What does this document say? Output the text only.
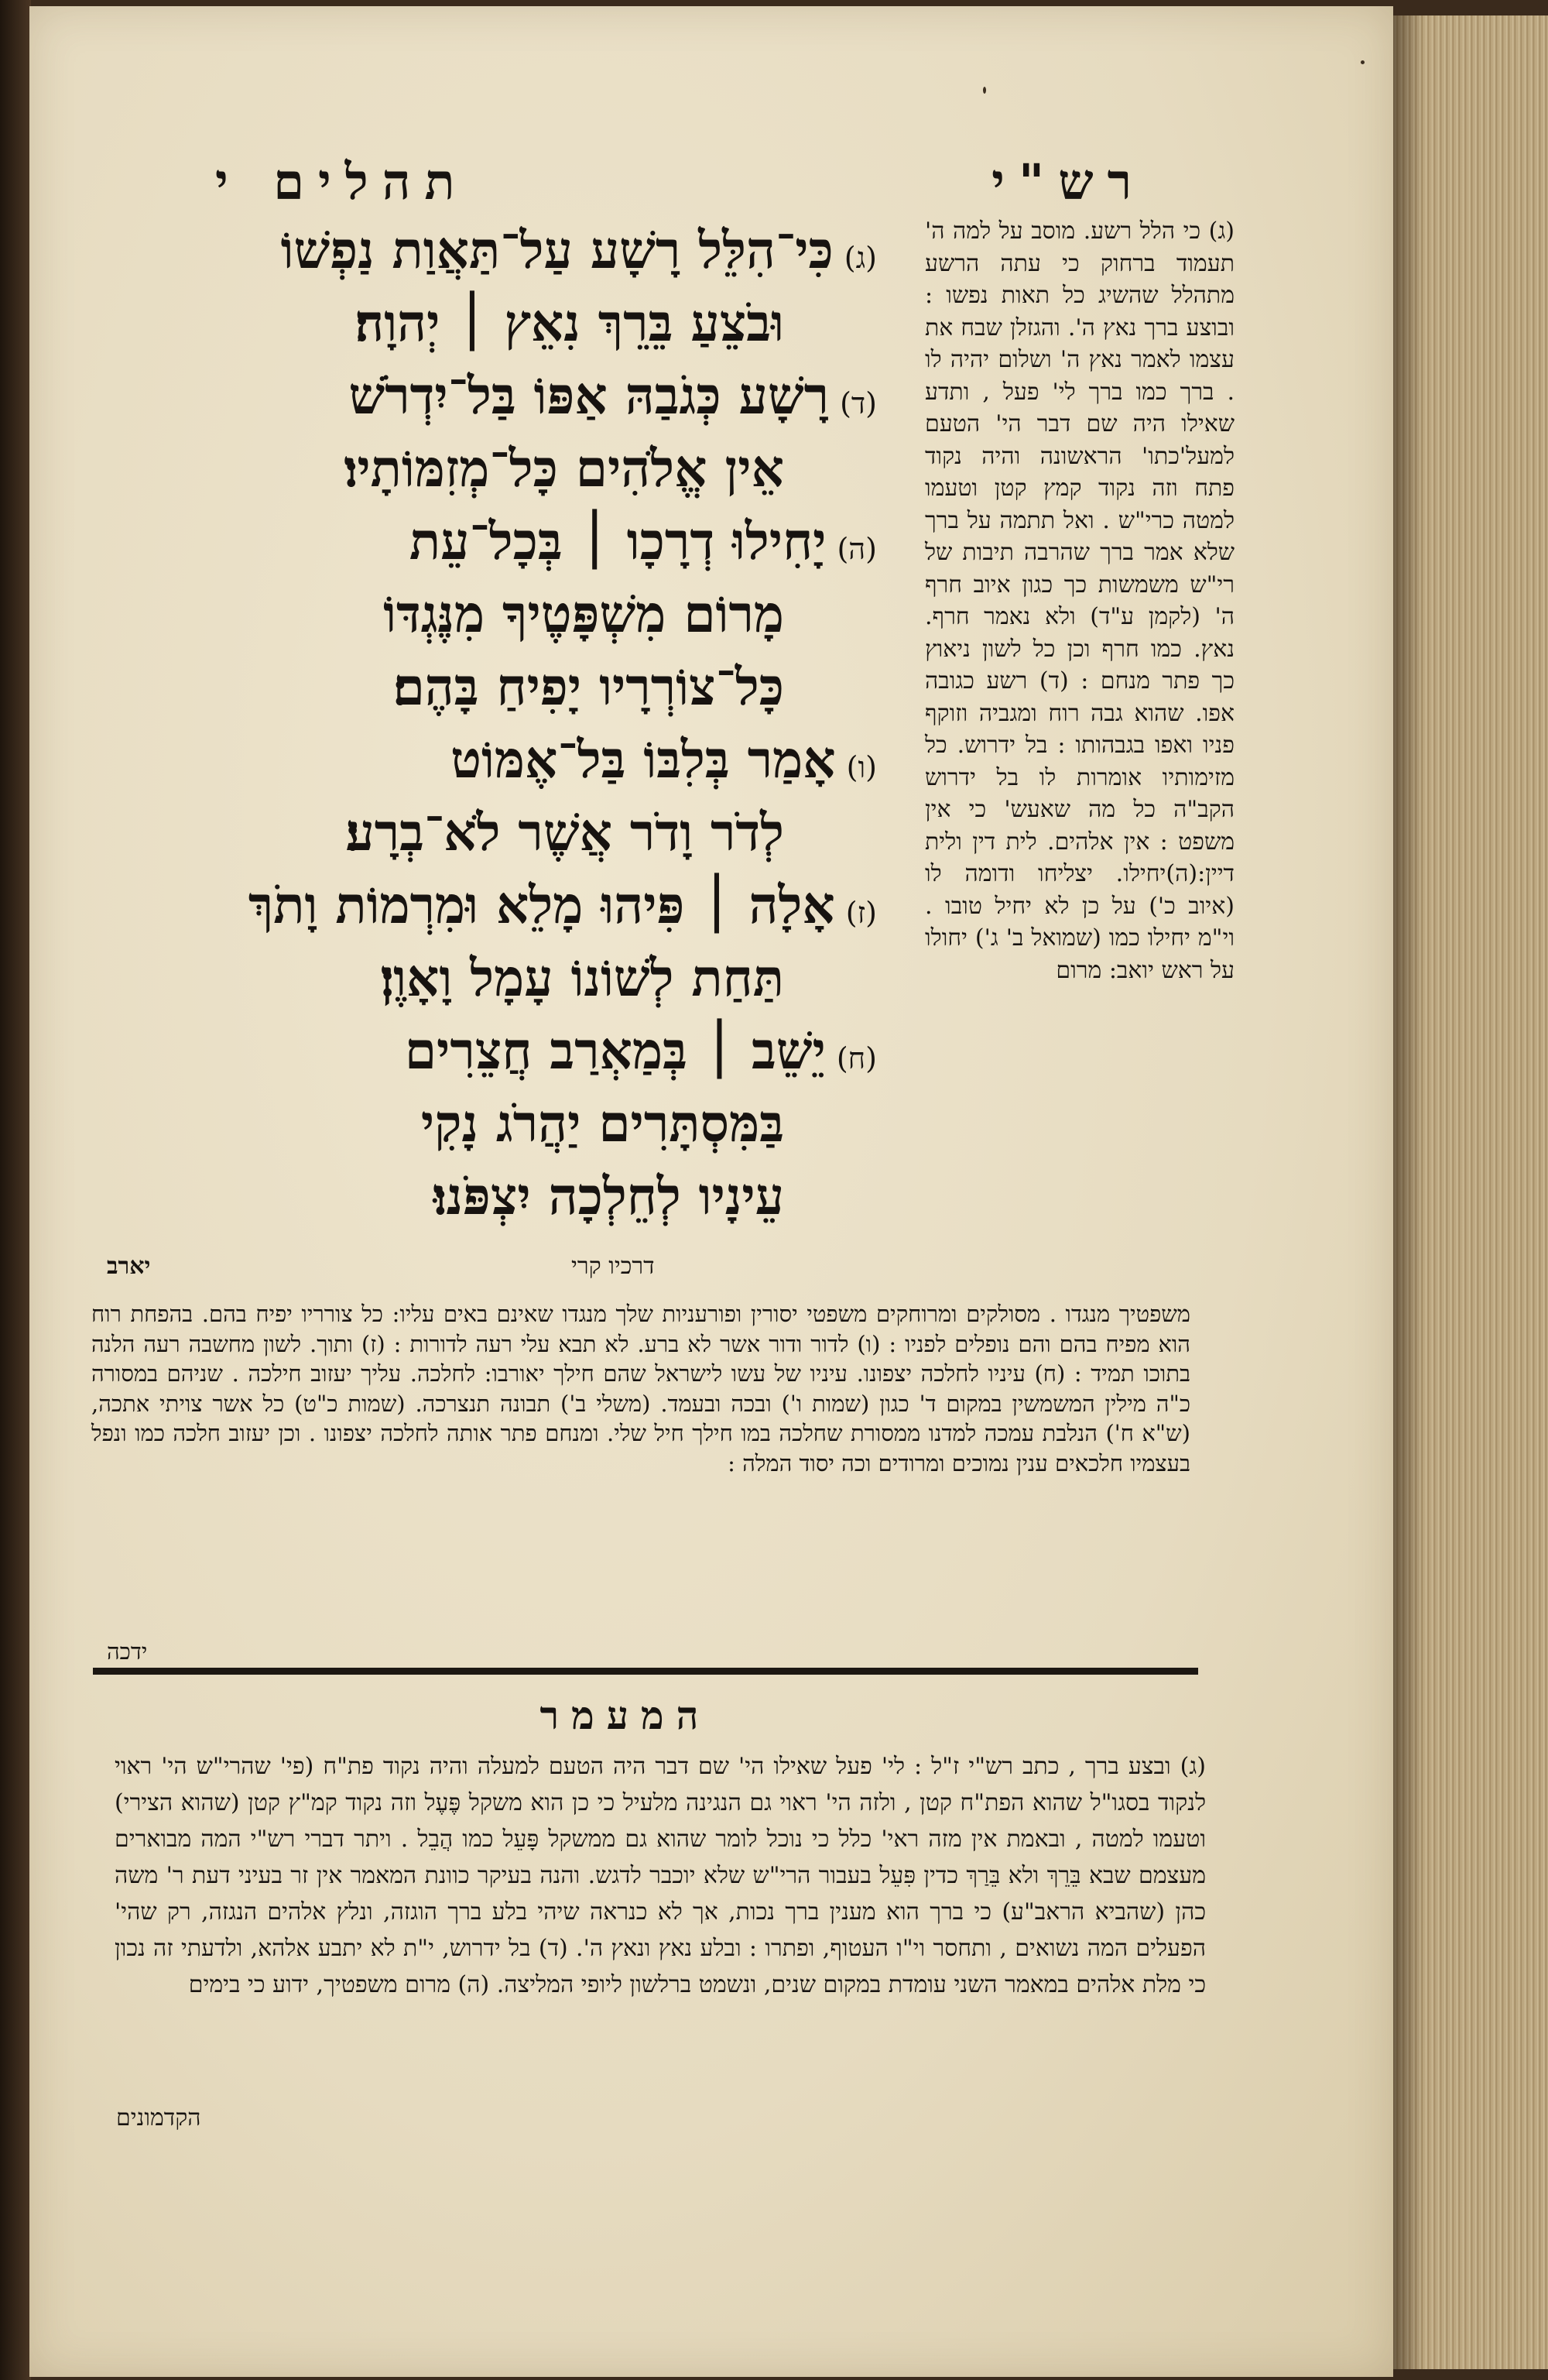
רש"י
תהלים י
(ג) כי הלל רשע. מוסב על למה ה' תעמוד ברחוק כי עתה הרשע מתהלל שהשיג כל תאות נפשו : ובוצע ברך נאץ ה'. והגזלן שבח את עצמו לאמר נאץ ה' ושלום יהיה לו . ברך כמו ברך לי' פעל , ותדע שאילו היה שם דבר הי' הטעם למעל'כתו' הראשונה והיה נקוד פתח וזה נקוד קמץ קטן וטעמו למטה כרי"ש . ואל תתמה על ברך שלא אמר ברך שהרבה תיבות של רי"ש משמשות כך כגון איוב חרף ה' (לקמן ע"ד) ולא נאמר חרף. נאץ. כמו חרף וכן כל לשון ניאוץ כך פתר מנחם : (ד) רשע כגובה אפו. שהוא גבה רוח ומגביה וזוקף פניו ואפו בגבהותו : בל ידרוש. כל מזימותיו אומרות לו בל ידרוש הקב"ה כל מה שאעש' כי אין משפט : אין אלהים. לית דין ולית דיין:(ה)יחילו. יצליחו ודומה לו (איוב כ') על כן לא יחיל טובו . וי"מ יחילו כמו (שמואל ב' ג') יחולו על ראש יואב: מרום
(ג)כִּי־הִלֵּל רָשָׁע עַל־תַּאֲוַת נַפְשׁוֹ
וּבֹצֵעַ בֵּרֵךְ נִאֵץ ׀ יְהוָה׃
(ד)רָשָׁע כְּגֹבַהּ אַפּוֹ בַּל־יִדְרֹשׁ
אֵין אֱלֹהִים כָּל־מְזִמּוֹתָיו׃
(ה)יָחִילוּ דְרָכָו ׀ בְּכָל־עֵת
מָרוֹם מִשְׁפָּטֶיךָ מִנֶּגְדּוֹ
כָּל־צוֹרְרָיו יָפִיחַ בָּהֶם׃
(ו)אָמַר בְּלִבּוֹ בַּל־אֶמּוֹט
לְדֹר וָדֹר אֲשֶׁר לֹא־בְרָע׃
(ז)אָלָה ׀ פִּיהוּ מָלֵא וּמִרְמוֹת וָתֹךְ
תַּחַת לְשׁוֹנוֹ עָמָל וָאָוֶן׃
(ח)יֵשֵׁב ׀ בְּמַאְרַב חֲצֵרִים
בַּמִּסְתָּרִים יַהֲרֹג נָקִי
עֵינָיו לְחֵלְכָה יִצְפֹּנוּ׃
יארב	דרכיו קרי
משפטיך מנגדו . מסולקים ומרוחקים משפטי יסורין ופורעניות שלך מנגדו שאינם באים עליו: כל צורריו יפיח בהם. בהפחת רוח הוא מפיח בהם והם נופלים לפניו : (ו) לדור ודור אשר לא ברע. לא תבא עלי רעה לדורות : (ז) ותוך. לשון מחשבה רעה הלנה בתוכו תמיד : (ח) עיניו לחלכה יצפונו. עיניו של עשו לישראל שהם חילך יאורבו: לחלכה. עליך יעזוב חילכה . שניהם במסורה כ"ה מילין המשמשין במקום ד' כגון (שמות ו') ובכה ובעמד. (משלי ב') תבונה תנצרכה. (שמות כ"ט) כל אשר צויתי אתכה, (ש"א ח') הנלבת עמכה למדנו ממסורת שחלכה במו חילך חיל שלי. ומנחם פתר אותה לחלכה יצפונו . וכן יעזוב חלכה כמו ונפל בעצמיו חלכאים ענין נמוכים ומרודים וכה יסוד המלה :
ידכה
המעמר
(ג) ובצע ברך , כתב רש"י ז"ל : לי' פעל שאילו הי' שם דבר היה הטעם למעלה והיה נקוד פת"ח (פי' שהרי"ש הי' ראוי לנקוד בסגו"ל שהוא הפת"ח קטן , ולזה הי' ראוי גם הנגינה מלעיל כי כן הוא משקל פֶּעֶל וזה נקוד קמ"ץ קטן (שהוא הצירי) וטעמו למטה , ובאמת אין מזה ראי' כלל כי נוכל לומר שהוא גם ממשקל פָּעֵל כמו הֲבֵל . ויתר דברי רש"י המה מבוארים מעצמם שבא בֵּרֵךְ ולא בֵּרַךְ כדין פִּעֵל בעבור הרי"ש שלא יוכבר לדגש. והנה בעיקר כוונת המאמר אין זר בעיני דעת ר' משה כהן (שהביא הראב"ע) כי ברך הוא מענין ברך נכות, אך לא כנראה שיהי בלע ברך הוגזה, ונלץ אלהים הנגזה, רק שהי' הפעלים המה נשואים , ותחסר וי"ו העטוף, ופתרו : ובלע נאץ ונאץ ה'. (ד) בל ידרוש, י"ת לא יתבע אלהא, ולדעתי זה נכון כי מלת אלהים במאמר השני עומדת במקום שנים, ונשמט ברלשון ליופי המליצה. (ה) מרום משפטיך, ידוע כי בימים
הקדמונים
